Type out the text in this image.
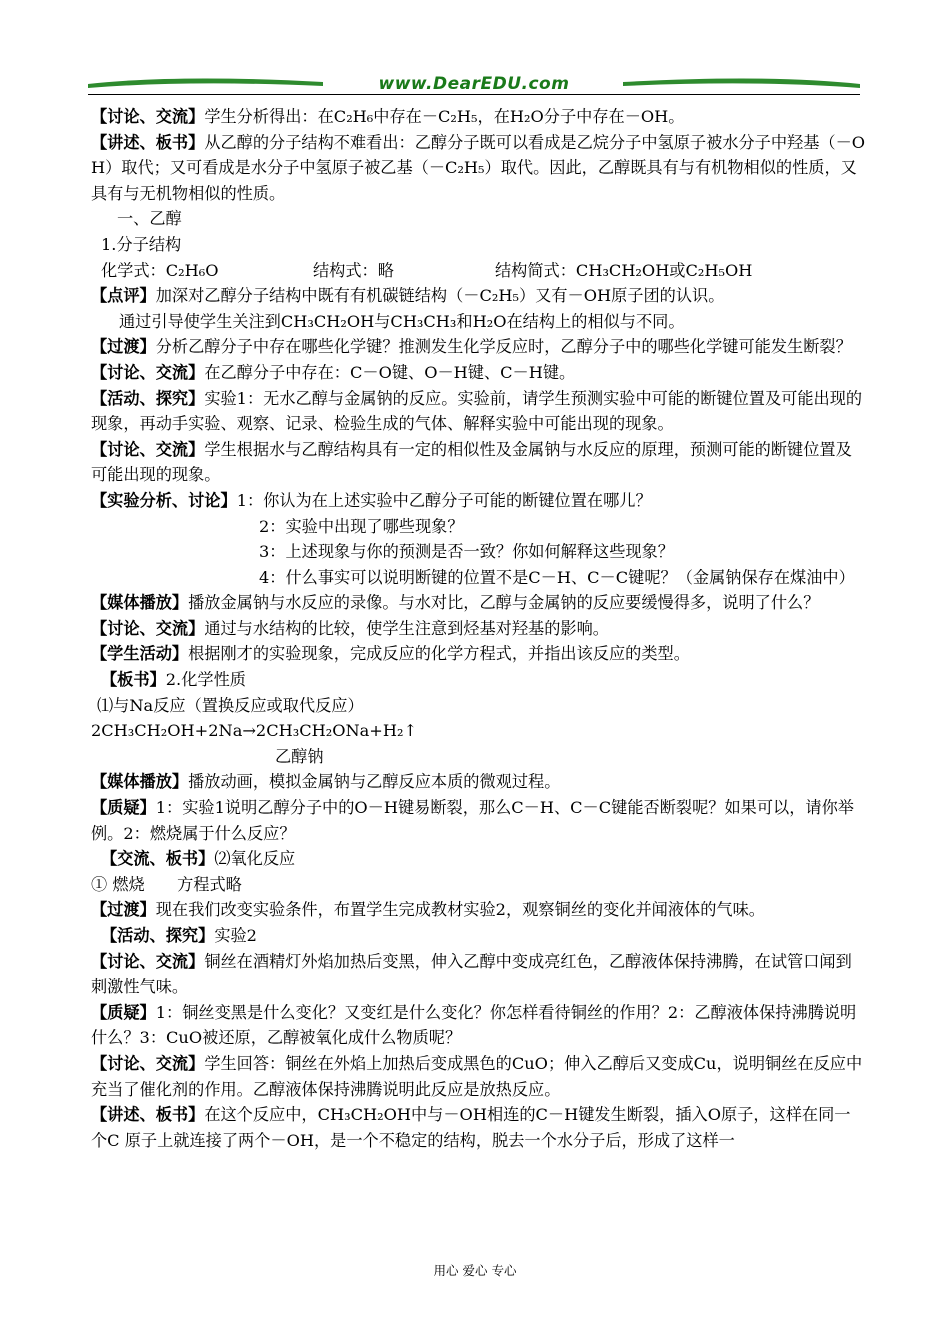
www.DearEDU.com

【讨论、交流】学生分析得出：在C₂H₆中存在－C₂H₅，在H₂O分子中存在－OH。

【讲述、板书】从乙醇的分子结构不难看出：乙醇分子既可以看成是乙烷分子中氢原子被水分子中羟基（－OH）取代；又可看成是水分子中氢原子被乙基（－C₂H₅）取代。因此，乙醇既具有与有机物相似的性质，又具有与无机物相似的性质。

一、乙醇

1.分子结构

化学式：C₂H₆O	结构式：略	结构简式：CH₃CH₂OH或C₂H₅OH

【点评】加深对乙醇分子结构中既有有机碳链结构（－C₂H₅）又有－OH原子团的认识。

通过引导使学生关注到CH₃CH₂OH与CH₃CH₃和H₂O在结构上的相似与不同。

【过渡】分析乙醇分子中存在哪些化学键？推测发生化学反应时，乙醇分子中的哪些化学键可能发生断裂？

【讨论、交流】在乙醇分子中存在：C－O键、O－H键、C－H键。

【活动、探究】实验1：无水乙醇与金属钠的反应。实验前，请学生预测实验中可能的断键位置及可能出现的现象，再动手实验、观察、记录、检验生成的气体、解释实验中可能出现的现象。

【讨论、交流】学生根据水与乙醇结构具有一定的相似性及金属钠与水反应的原理，预测可能的断键位置及可能出现的现象。

【实验分析、讨论】1：你认为在上述实验中乙醇分子可能的断键位置在哪儿？

2：实验中出现了哪些现象？

3：上述现象与你的预测是否一致？你如何解释这些现象？

4：什么事实可以说明断键的位置不是C－H、C－C键呢？（金属钠保存在煤油中）

【媒体播放】播放金属钠与水反应的录像。与水对比，乙醇与金属钠的反应要缓慢得多，说明了什么？

【讨论、交流】通过与水结构的比较，使学生注意到烃基对羟基的影响。

【学生活动】根据刚才的实验现象，完成反应的化学方程式，并指出该反应的类型。

【板书】2.化学性质

⑴与Na反应（置换反应或取代反应）

2CH₃CH₂OH+2Na→2CH₃CH₂ONa+H₂↑

乙醇钠

【媒体播放】播放动画，模拟金属钠与乙醇反应本质的微观过程。

【质疑】1：实验1说明乙醇分子中的O－H键易断裂，那么C－H、C－C键能否断裂呢？如果可以，请你举例。2：燃烧属于什么反应？

【交流、板书】⑵氧化反应

① 燃烧　　方程式略

【过渡】现在我们改变实验条件，布置学生完成教材实验2，观察铜丝的变化并闻液体的气味。

【活动、探究】实验2

【讨论、交流】铜丝在酒精灯外焰加热后变黑，伸入乙醇中变成亮红色，乙醇液体保持沸腾，在试管口闻到刺激性气味。

【质疑】1：铜丝变黑是什么变化？又变红是什么变化？你怎样看待铜丝的作用？2：乙醇液体保持沸腾说明什么？3：CuO被还原，乙醇被氧化成什么物质呢？

【讨论、交流】学生回答：铜丝在外焰上加热后变成黑色的CuO；伸入乙醇后又变成Cu，说明铜丝在反应中充当了催化剂的作用。乙醇液体保持沸腾说明此反应是放热反应。

【讲述、板书】在这个反应中，CH₃CH₂OH中与－OH相连的C－H键发生断裂，插入O原子，这样在同一个C 原子上就连接了两个－OH，是一个不稳定的结构，脱去一个水分子后，形成了这样一

用心 爱心 专心
